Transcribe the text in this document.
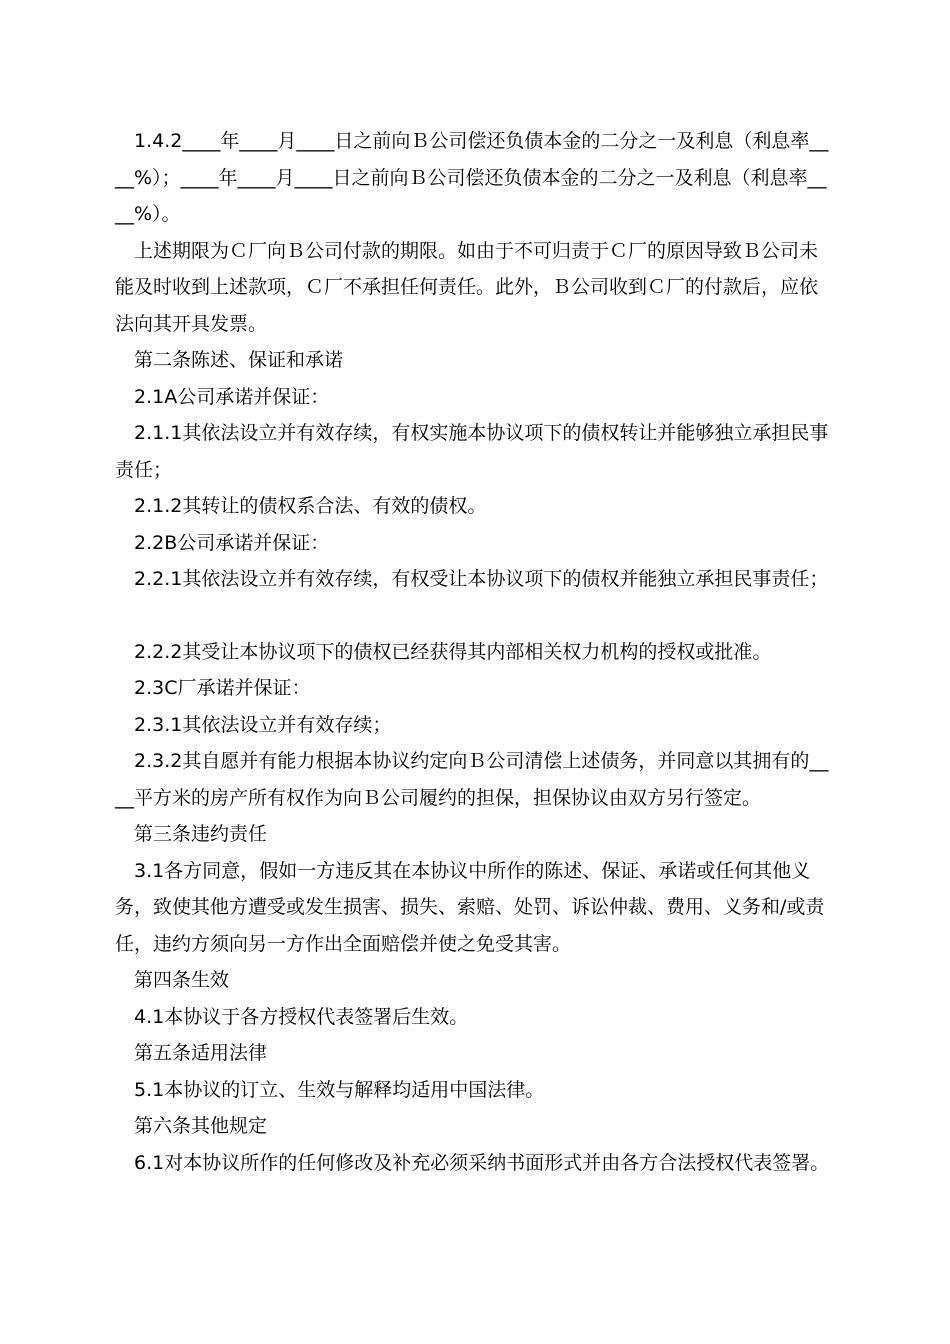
1.4.2____年____月____日之前向Ｂ公司偿还负债本金的二分之一及利息（利息率____%）；____年____月____日之前向Ｂ公司偿还负债本金的二分之一及利息（利息率____%）。

上述期限为Ｃ厂向Ｂ公司付款的期限。如由于不可归责于Ｃ厂的原因导致Ｂ公司未能及时收到上述款项，Ｃ厂不承担任何责任。此外，Ｂ公司收到Ｃ厂的付款后，应依法向其开具发票。

第二条陈述、保证和承诺

2.1A公司承诺并保证：

2.1.1其依法设立并有效存续，有权实施本协议项下的债权转让并能够独立承担民事责任；

2.1.2其转让的债权系合法、有效的债权。

2.2B公司承诺并保证：

2.2.1其依法设立并有效存续，有权受让本协议项下的债权并能独立承担民事责任；

2.2.2其受让本协议项下的债权已经获得其内部相关权力机构的授权或批准。

2.3C厂承诺并保证：

2.3.1其依法设立并有效存续；

2.3.2其自愿并有能力根据本协议约定向Ｂ公司清偿上述债务，并同意以其拥有的____平方米的房产所有权作为向Ｂ公司履约的担保，担保协议由双方另行签定。

第三条违约责任

3.1各方同意，假如一方违反其在本协议中所作的陈述、保证、承诺或任何其他义务，致使其他方遭受或发生损害、损失、索赔、处罚、诉讼仲裁、费用、义务和/或责任，违约方须向另一方作出全面赔偿并使之免受其害。

第四条生效

4.1本协议于各方授权代表签署后生效。

第五条适用法律

5.1本协议的订立、生效与解释均适用中国法律。

第六条其他规定

6.1对本协议所作的任何修改及补充必须采纳书面形式并由各方合法授权代表签署。
